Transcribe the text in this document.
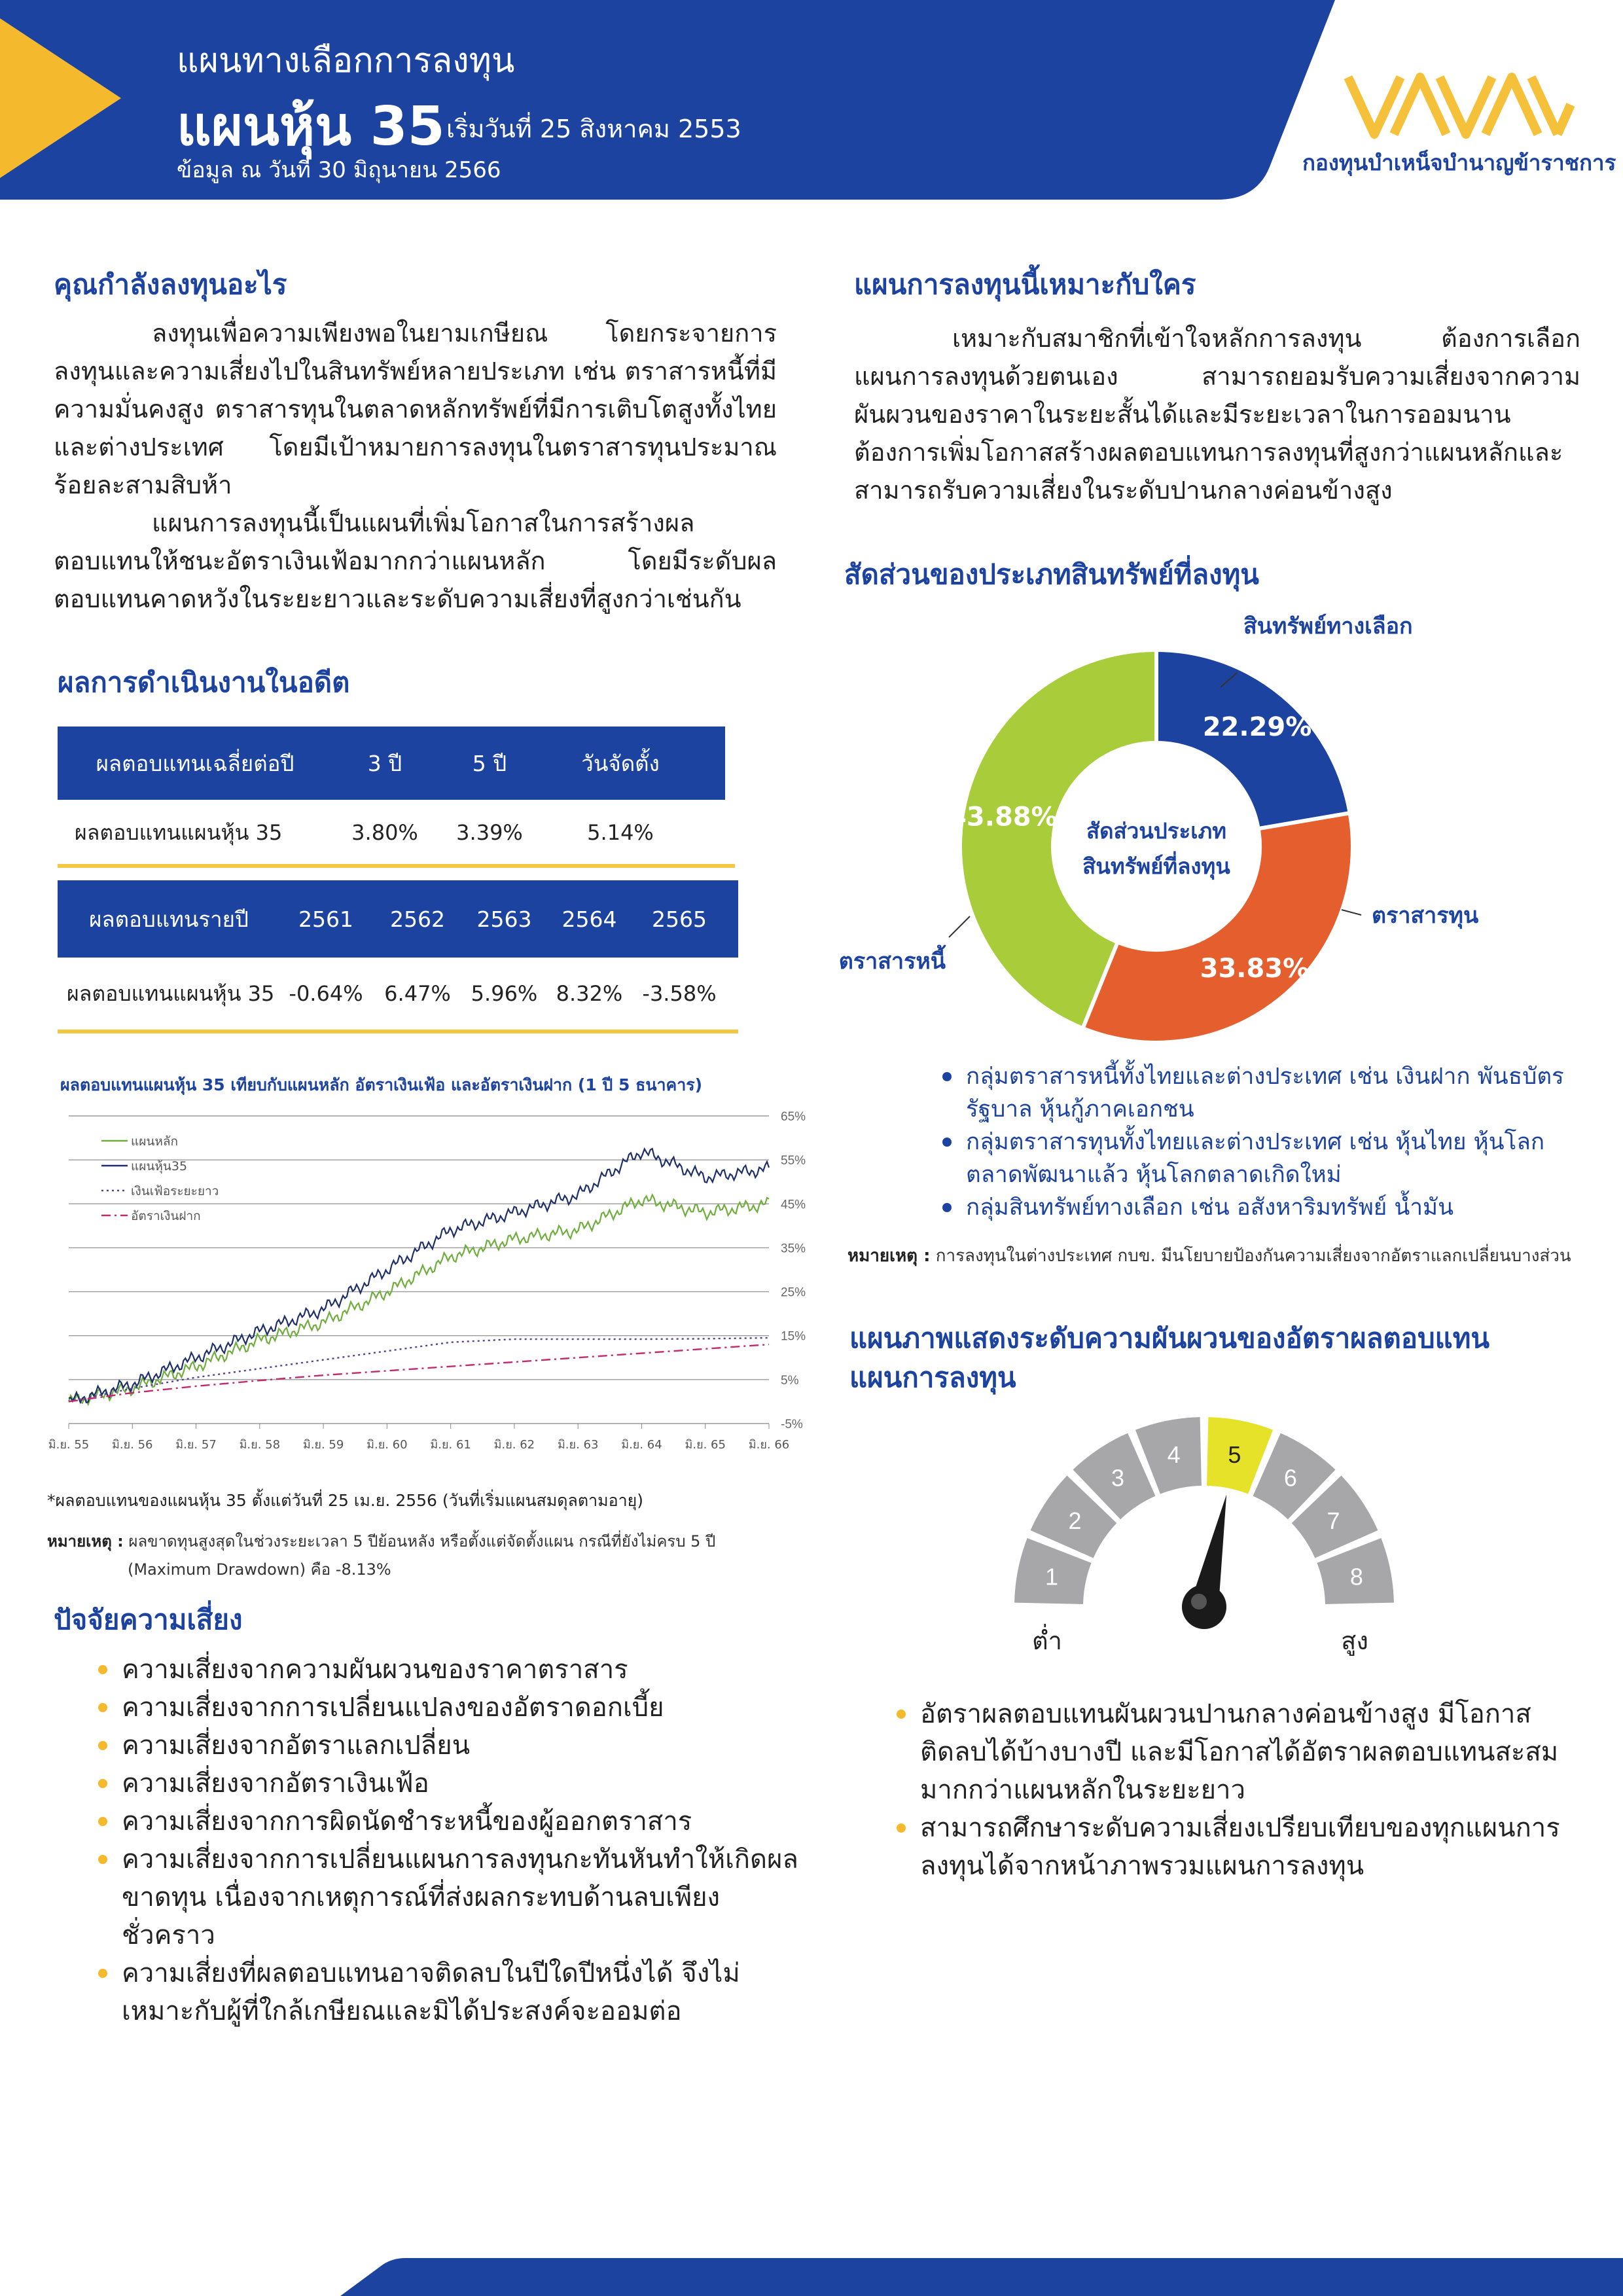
แผนทางเลือกการลงทุน
แผนหุ้น 35 เริ่มวันที่ 25 สิงหาคม 2553
ข้อมูล ณ วันที่ 30 มิถุนายน 2566	กองทุนบำเหน็จบำนาญข้าราชการ
คุณกำลังลงทุนอะไร

ลงทุนเพื่อความเพียงพอในยามเกษียณ โดยกระจายการลงทุนและความเสี่ยงไปในสินทรัพย์หลายประเภท เช่น ตราสารหนี้ที่มีความมั่นคงสูง ตราสารทุนในตลาดหลักทรัพย์ที่มีการเติบโตสูงทั้งไทยและต่างประเทศ โดยมีเป้าหมายการลงทุนในตราสารทุนประมาณร้อยละสามสิบห้า

แผนการลงทุนนี้เป็นแผนที่เพิ่มโอกาสในการสร้างผลตอบแทนให้ชนะอัตราเงินเฟ้อมากกว่าแผนหลัก โดยมีระดับผลตอบแทนคาดหวังในระยะยาวและระดับความเสี่ยงที่สูงกว่าเช่นกัน

แผนการลงทุนนี้เหมาะกับใคร

เหมาะกับสมาชิกที่เข้าใจหลักการลงทุน ต้องการเลือกแผนการลงทุนด้วยตนเอง สามารถยอมรับความเสี่ยงจากความผันผวนของราคาในระยะสั้นได้และมีระยะเวลาในการออมนาน ต้องการเพิ่มโอกาสสร้างผลตอบแทนการลงทุนที่สูงกว่าแผนหลักและสามารถรับความเสี่ยงในระดับปานกลางค่อนข้างสูง

ผลการดำเนินงานในอดีต
ผลตอบแทนเฉลี่ยต่อปี	3 ปี	5 ปี	วันจัดตั้ง
ผลตอบแทนแผนหุ้น 35	3.80%	3.39%	5.14%
ผลตอบแทนรายปี	2561	2562	2563	2564	2565
ผลตอบแทนแผนหุ้น 35 -0.64%	6.47% 5.96% 8.32% -3.58%
ผลตอบแทนแผนหุ้น 35 เทียบกับแผนหลัก อัตราเงินเฟ้อ และอัตราเงินฝาก (1 ปี 5 ธนาคาร)
-5%
5%
15%
25%
35%
45%
55%
65%
มิ.ย. 55 มิ.ย. 56 มิ.ย. 57 มิ.ย. 58 มิ.ย. 59 มิ.ย. 60 มิ.ย. 61 มิ.ย. 62 มิ.ย. 63 มิ.ย. 64 มิ.ย. 65 มิ.ย. 66
แผนหลัก
แผนหุ้น35
เงินเฟ้อระยะยาว
อัตราเงินฝาก
*ผลตอบแทนของแผนหุ้น 35 ตั้งแต่วันที่ 25 เม.ย. 2556 (วันที่เริ่มแผนสมดุลตามอายุ)
หมายเหตุ : ผลขาดทุนสูงสุดในช่วงระยะเวลา 5 ปีย้อนหลัง หรือตั้งแต่จัดตั้งแผน กรณีที่ยังไม่ครบ 5 ปี
(Maximum Drawdown) คือ -8.13%
ปัจจัยความเสี่ยง
ความเสี่ยงจากความผันผวนของราคาตราสาร
ความเสี่ยงจากการเปลี่ยนแปลงของอัตราดอกเบี้ย
ความเสี่ยงจากอัตราแลกเปลี่ยน
ความเสี่ยงจากอัตราเงินเฟ้อ
ความเสี่ยงจากการผิดนัดชำระหนี้ของผู้ออกตราสาร
ความเสี่ยงจากการเปลี่ยนแผนการลงทุนกะทันหันทำให้เกิดผลขาดทุน เนื่องจากเหตุการณ์ที่ส่งผลกระทบด้านลบเพียงชั่วคราว
ความเสี่ยงที่ผลตอบแทนอาจติดลบในปีใดปีหนึ่งได้ จึงไม่เหมาะกับผู้ที่ใกล้เกษียณและมิได้ประสงค์จะออมต่อ
สัดส่วนของประเภทสินทรัพย์ที่ลงทุน
22.29%
33.83%
43.88%
สินทรัพย์ทางเลือก
ตราสารทุน
ตราสารหนี้
สัดส่วนประเภท
สินทรัพย์ที่ลงทุน
กลุ่มตราสารหนี้ทั้งไทยและต่างประเทศ เช่น เงินฝาก พันธบัตรรัฐบาล หุ้นกู้ภาคเอกชน
กลุ่มตราสารทุนทั้งไทยและต่างประเทศ เช่น หุ้นไทย หุ้นโลกตลาดพัฒนาแล้ว หุ้นโลกตลาดเกิดใหม่
กลุ่มสินทรัพย์ทางเลือก เช่น อสังหาริมทรัพย์ น้ำมัน
หมายเหตุ : การลงทุนในต่างประเทศ กบข. มีนโยบายป้องกันความเสี่ยงจากอัตราแลกเปลี่ยนบางส่วน
แผนภาพแสดงระดับความผันผวนของอัตราผลตอบแทน
แผนการลงทุน
1
2
3
4 5
6
7
8
ต่ำ	สูง
อัตราผลตอบแทนผันผวนปานกลางค่อนข้างสูง มีโอกาสติดลบได้บ้างบางปี และมีโอกาสได้อัตราผลตอบแทนสะสมมากกว่าแผนหลักในระยะยาว
สามารถศึกษาระดับความเสี่ยงเปรียบเทียบของทุกแผนการลงทุนได้จากหน้าภาพรวมแผนการลงทุน
